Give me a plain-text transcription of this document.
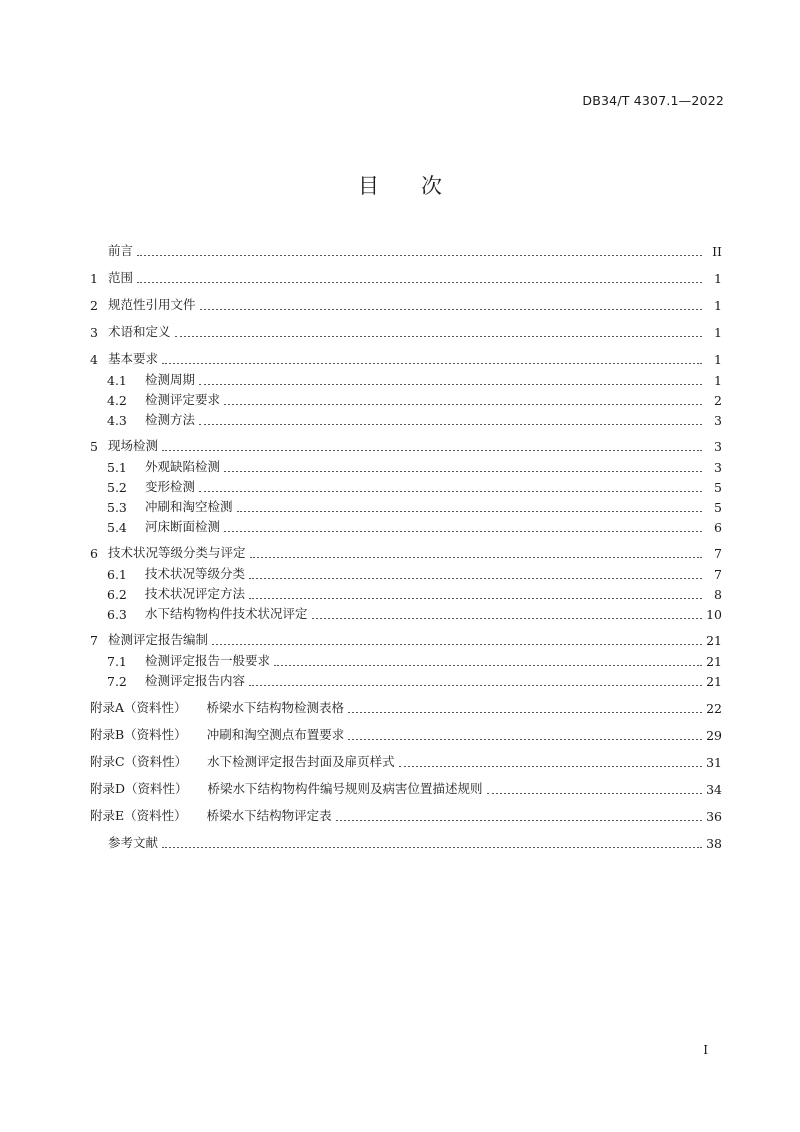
DB34/T 4307.1—2022
目 次
前言	II
1 范围	1
2 规范性引用文件	1
3 术语和定义	1
4 基本要求	1
4.1	检测周期	1
4.2	检测评定要求	2
4.3	检测方法	3
5 现场检测	3
5.1	外观缺陷检测	3
5.2	变形检测	5
5.3	冲刷和淘空检测	5
5.4	河床断面检测	6
6 技术状况等级分类与评定	7
6.1	技术状况等级分类	7
6.2	技术状况评定方法	8
6.3	水下结构物构件技术状况评定	10
7 检测评定报告编制	21
7.1	检测评定报告一般要求	21
7.2	检测评定报告内容	21
附录A（资料性） 桥梁水下结构物检测表格	22
附录B（资料性） 冲刷和淘空测点布置要求	29
附录C（资料性） 水下检测评定报告封面及扉页样式	31
附录D（资料性） 桥梁水下结构物构件编号规则及病害位置描述规则	34
附录E（资料性） 桥梁水下结构物评定表	36
参考文献	38
I
